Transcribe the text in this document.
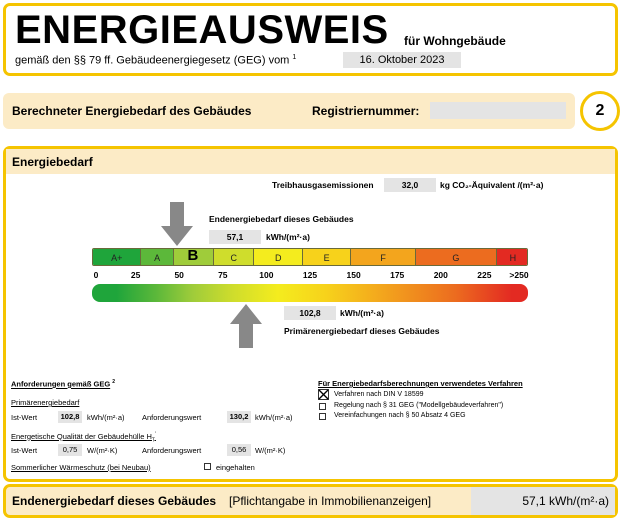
ENERGIEAUSWEIS für Wohngebäude
gemäß den §§ 79 ff. Gebäudeenergiegesetz (GEG) vom $^1$	16. Oktober 2023
Berechneter Energiebedarf des Gebäudes	Registriernummer:	2
Energiebedarf
Treibhausgasemissionen	32,0	kg CO₂-Äquivalent /(m²·a)
Endenergiebedarf dieses Gebäudes
57,1	kWh/(m²·a)
A+	A	C	D	E	F	G	H
B
0	25	50	75	100	125	150	175	200	225 >250
102,8	kWh/(m²·a)
Primärenergiebedarf dieses Gebäudes
Anforderungen gemäß GEG $^2$
Primärenergiebedarf
Ist-Wert	102,8	kWh/(m²·a) Anforderungswert	130,2 kWh/(m²·a)
Energetische Qualität der Gebäudehülle $H_T'$
Ist-Wert	0,75	W/(m²·K)	Anforderungswert	0,56	W/(m²·K)
Sommerlicher Wärmeschutz (bei Neubau)	eingehalten
Für Energiebedarfsberechnungen verwendetes Verfahren
Verfahren nach DIN V 18599
Regelung nach § 31 GEG ("Modellgebäudeverfahren")
Vereinfachungen nach § 50 Absatz 4 GEG
Endenergiebedarf dieses Gebäudes [Pflichtangabe in Immobilienanzeigen]	57,1 kWh/(m²·a)
